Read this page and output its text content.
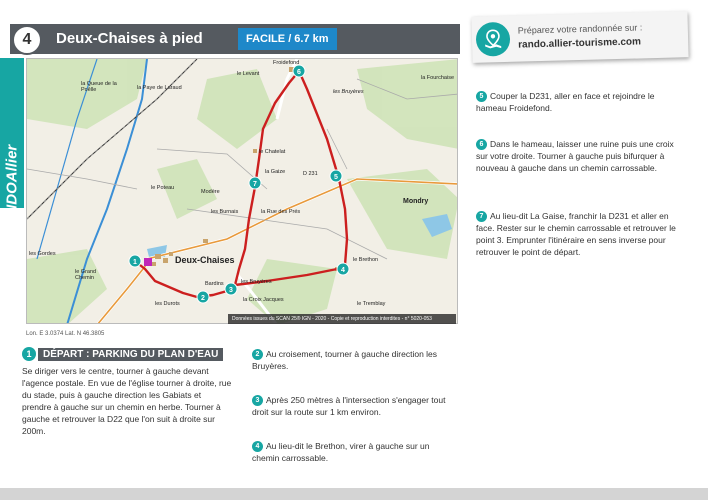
4	Deux-Chaises à pied	FACILE
/ 6.7 km
Préparez votre randonnée sur :
rando.allier-tourisme.com
RANDOAllier
1
2
3
4
5
6
7
Froidefond
le Levant
la Queue de la Poêlle	la Paye de Laraud
la Fourchaise
les Bruyères
le Chatelat
la Gaize	D 231
Mondry
le Poteau
Modère
les Burnais	la Rue des Prés
les Gordes
Deux-Chaises
le Grand Chemin
Bardins
les Durots
les Bruyères
la Croix Jacques
le Brethon
le Tremblay
Données issues du SCAN 25® IGN - 2020 - Copie et reproduction interdites - n° 5020-053
Lon. E 3.0374 Lat. N 46.3805
1	DÉPART : PARKING DU PLAN D'EAU
Se diriger vers le centre, tourner à gauche devant l'agence postale. En vue de l'église tourner à droite, rue du stade, puis à gauche direction les Gabiats et prendre à gauche sur un chemin en herbe. Tourner à gauche et retrouver la D22 que l'on suit à droite sur 200m.
2 Au croisement, tourner à gauche direction les Bruyères.
3 Après 250 mètres à l'intersection s'engager tout droit sur la route sur 1 km environ.
4 Au lieu-dit le Brethon, virer à gauche sur un chemin carrossable.
5 Couper la D231, aller en face et rejoindre le hameau Froidefond.
6 Dans le hameau, laisser une ruine puis une croix sur votre droite. Tourner à gauche puis bifurquer à nouveau à gauche dans un chemin carrossable.
7 Au lieu-dit La Gaise, franchir la D231 et aller en face. Rester sur le chemin carrossable et retrouver le point 3. Emprunter l'itinéraire en sens inverse pour retrouver le point de départ.
